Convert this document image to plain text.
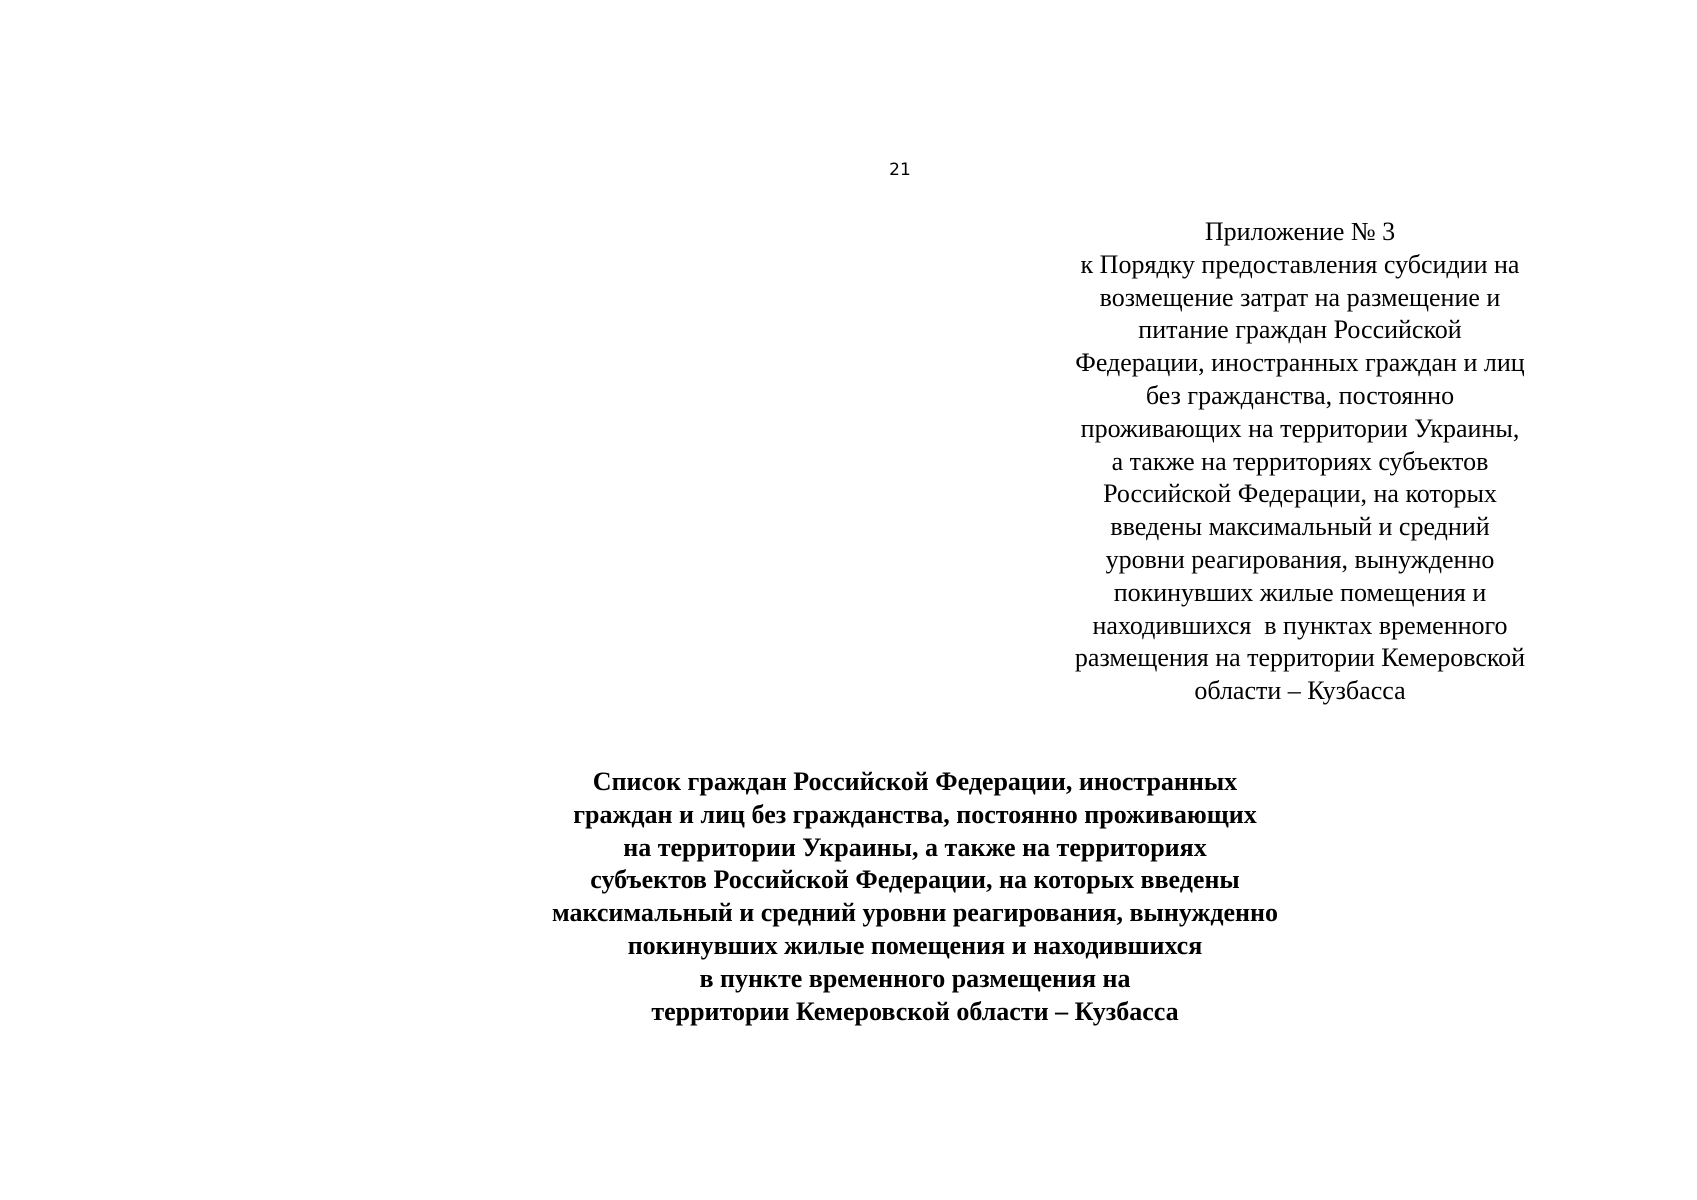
21
Приложение № 3
к Порядку предоставления субсидии на
возмещение затрат на размещение и
питание граждан Российской
Федерации, иностранных граждан и лиц
без гражданства, постоянно
проживающих на территории Украины,
а также на территориях субъектов
Российской Федерации, на которых
введены максимальный и средний
уровни реагирования, вынужденно
покинувших жилые помещения и
находившихся  в пунктах временного
размещения на территории Кемеровской
области – Кузбасса
Список граждан Российской Федерации, иностранных
граждан и лиц без гражданства, постоянно проживающих
на территории Украины, а также на территориях
субъектов Российской Федерации, на которых введены
максимальный и средний уровни реагирования, вынужденно
покинувших жилые помещения и находившихся
в пункте временного размещения на
территории Кемеровской области – Кузбасса
